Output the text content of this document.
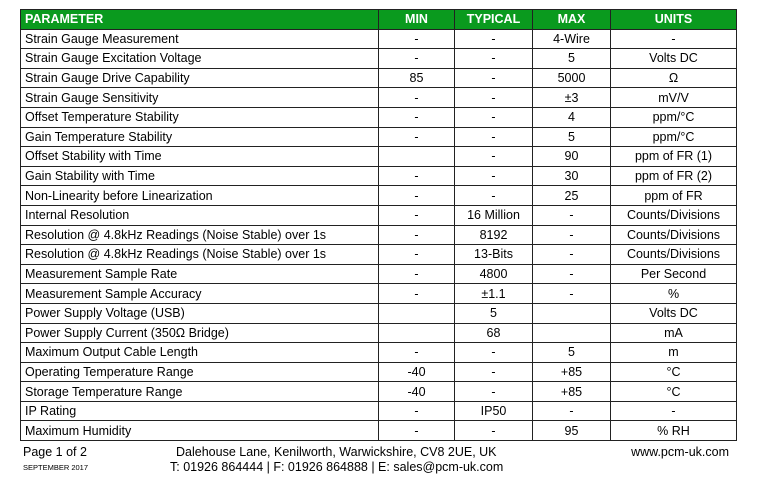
PARAMETER	MIN	TYPICAL	MAX	UNITS
Strain Gauge Measurement	-	-	4-Wire	-
Strain Gauge Excitation Voltage	-	-	5	Volts DC
Strain Gauge Drive Capability	85	-	5000	Ω
Strain Gauge Sensitivity	-	-	±3	mV/V
Offset Temperature Stability	-	-	4	ppm/°C
Gain Temperature Stability	-	-	5	ppm/°C
Offset Stability with Time		-	90	ppm of FR (1)
Gain Stability with Time	-	-	30	ppm of FR (2)
Non-Linearity before Linearization	-	-	25	ppm of FR
Internal Resolution	-	16 Million	-	Counts/Divisions
Resolution @ 4.8kHz Readings (Noise Stable) over 1s	-	8192	-	Counts/Divisions
Resolution @ 4.8kHz Readings (Noise Stable) over 1s	-	13-Bits	-	Counts/Divisions
Measurement Sample Rate	-	4800	-	Per Second
Measurement Sample Accuracy	-	±1.1	-	%
Power Supply Voltage (USB)		5		Volts DC
Power Supply Current (350Ω Bridge)		68		mA
Maximum Output Cable Length	-	-	5	m
Operating Temperature Range	-40	-	+85	°C
Storage Temperature Range	-40	-	+85	°C
IP Rating	-	IP50	-	-
Maximum Humidity	-	-	95	% RH
Page 1 of 2
SEPTEMBER 2017
Dalehouse Lane, Kenilworth, Warwickshire, CV8 2UE, UK
T: 01926 864444 | F: 01926 864888 | E: sales@pcm-uk.com
www.pcm-uk.com
